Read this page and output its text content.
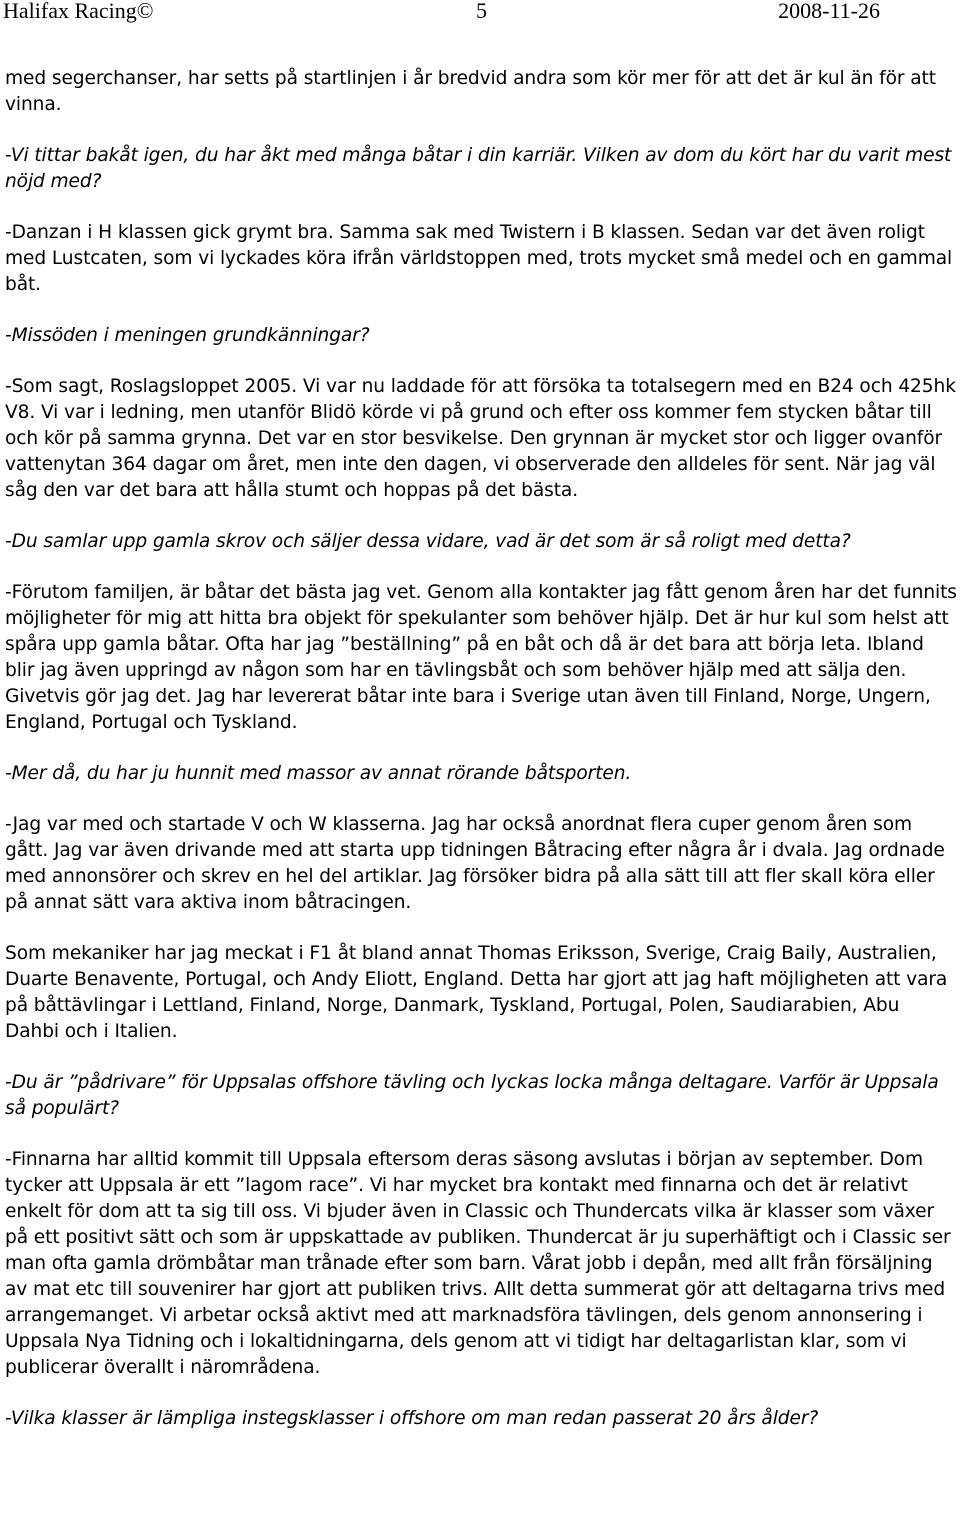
Halifax Racing©	5	2008-11-26

med segerchanser, har setts på startlinjen i år bredvid andra som kör mer för att det är kul än för att vinna.

-Vi tittar bakåt igen, du har åkt med många båtar i din karriär. Vilken av dom du kört har du varit mest nöjd med?

-Danzan i H klassen gick grymt bra. Samma sak med Twistern i B klassen. Sedan var det även roligt med Lustcaten, som vi lyckades köra ifrån världstoppen med, trots mycket små medel och en gammal båt.

-Missöden i meningen grundkänningar?

-Som sagt, Roslagsloppet 2005. Vi var nu laddade för att försöka ta totalsegern med en B24 och 425hk V8. Vi var i ledning, men utanför Blidö körde vi på grund och efter oss kommer fem stycken båtar till och kör på samma grynna. Det var en stor besvikelse. Den grynnan är mycket stor och ligger ovanför vattenytan 364 dagar om året, men inte den dagen, vi observerade den alldeles för sent. När jag väl såg den var det bara att hålla stumt och hoppas på det bästa.

-Du samlar upp gamla skrov och säljer dessa vidare, vad är det som är så roligt med detta?

-Förutom familjen, är båtar det bästa jag vet. Genom alla kontakter jag fått genom åren har det funnits möjligheter för mig att hitta bra objekt för spekulanter som behöver hjälp. Det är hur kul som helst att spåra upp gamla båtar. Ofta har jag ”beställning” på en båt och då är det bara att börja leta. Ibland blir jag även uppringd av någon som har en tävlingsbåt och som behöver hjälp med att sälja den. Givetvis gör jag det. Jag har levererat båtar inte bara i Sverige utan även till Finland, Norge, Ungern, England, Portugal och Tyskland.

-Mer då, du har ju hunnit med massor av annat rörande båtsporten.

-Jag var med och startade V och W klasserna. Jag har också anordnat flera cuper genom åren som gått. Jag var även drivande med att starta upp tidningen Båtracing efter några år i dvala. Jag ordnade med annonsörer och skrev en hel del artiklar. Jag försöker bidra på alla sätt till att fler skall köra eller på annat sätt vara aktiva inom båtracingen.

Som mekaniker har jag meckat i F1 åt bland annat Thomas Eriksson, Sverige, Craig Baily, Australien, Duarte Benavente, Portugal, och Andy Eliott, England. Detta har gjort att jag haft möjligheten att vara på båttävlingar i Lettland, Finland, Norge, Danmark, Tyskland, Portugal, Polen, Saudiarabien, Abu Dahbi och i Italien.

-Du är ”pådrivare” för Uppsalas offshore tävling och lyckas locka många deltagare. Varför är Uppsala så populärt?

-Finnarna har alltid kommit till Uppsala eftersom deras säsong avslutas i början av september. Dom tycker att Uppsala är ett ”lagom race”. Vi har mycket bra kontakt med finnarna och det är relativt enkelt för dom att ta sig till oss. Vi bjuder även in Classic och Thundercats vilka är klasser som växer på ett positivt sätt och som är uppskattade av publiken. Thundercat är ju superhäftigt och i Classic ser man ofta gamla drömbåtar man trånade efter som barn. Vårat jobb i depån, med allt från försäljning av mat etc till souvenirer har gjort att publiken trivs. Allt detta summerat gör att deltagarna trivs med arrangemanget. Vi arbetar också aktivt med att marknadsföra tävlingen, dels genom annonsering i Uppsala Nya Tidning och i lokaltidningarna, dels genom att vi tidigt har deltagarlistan klar, som vi publicerar överallt i närområdena.

-Vilka klasser är lämpliga instegsklasser i offshore om man redan passerat 20 års ålder?
